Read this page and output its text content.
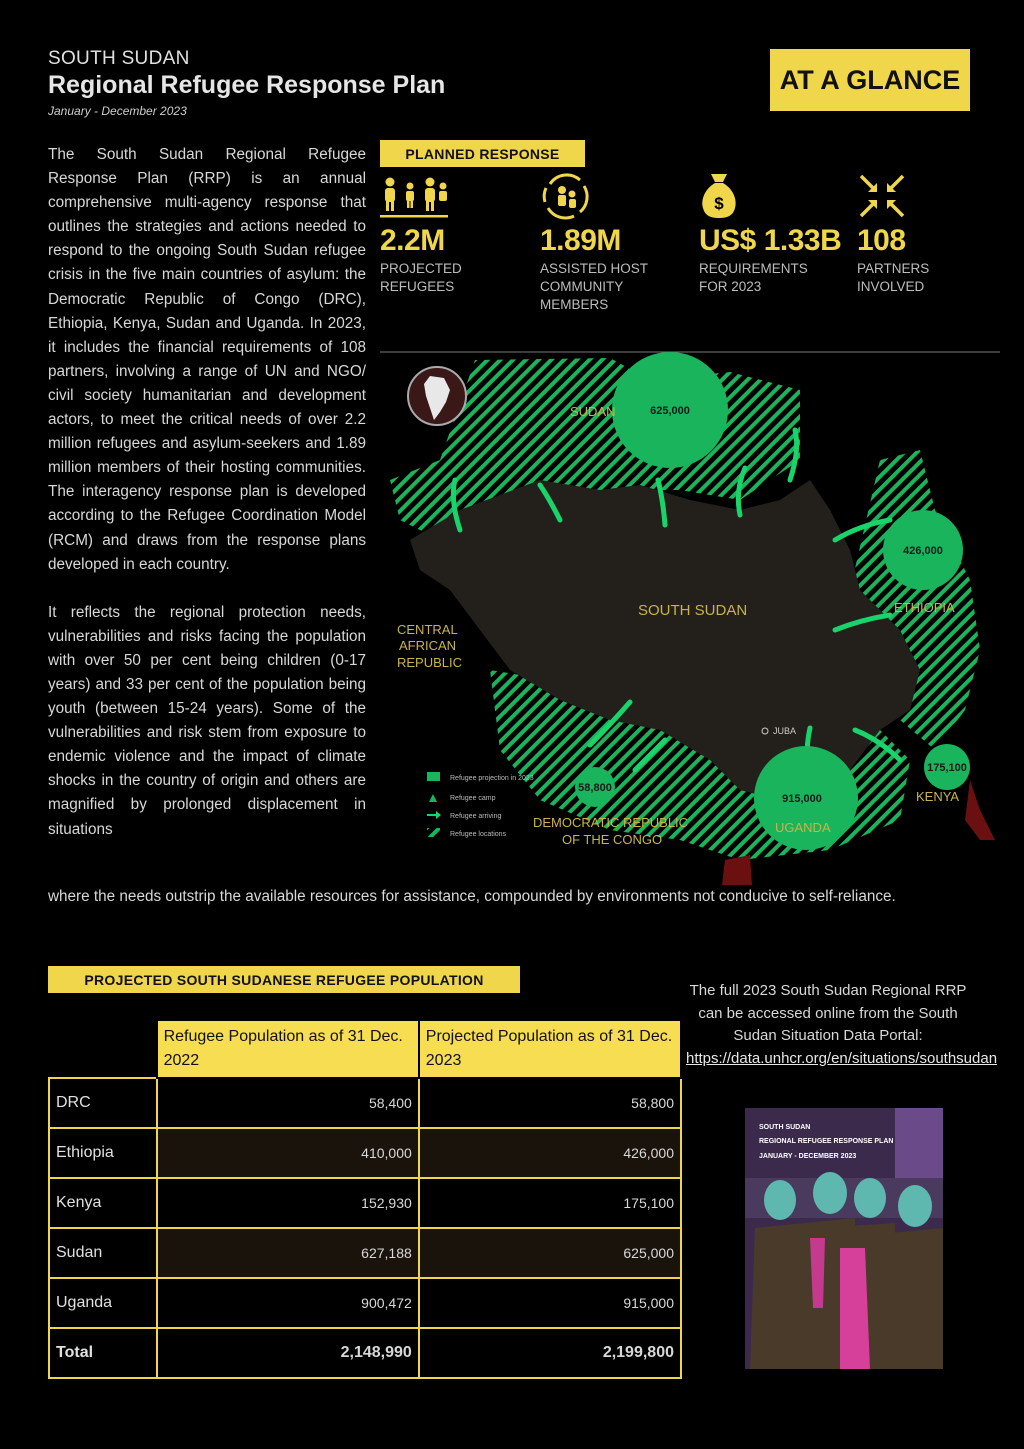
SOUTH SUDAN
Regional Refugee Response Plan
January - December 2023
AT A GLANCE

The South Sudan Regional Refugee Response Plan (RRP) is an annual comprehensive multi-agency response that outlines the strategies and actions needed to respond to the ongoing South Sudan refugee crisis in the five main countries of asylum: the Democratic Republic of Congo (DRC), Ethiopia, Kenya, Sudan and Uganda. In 2023, it includes the financial requirements of 108 partners, involving a range of UN and NGO/ civil society humanitarian and development actors, to meet the critical needs of over 2.2 million refugees and asylum-seekers and 1.89 million members of their hosting communities. The interagency response plan is developed according to the Refugee Coordination Model (RCM) and draws from the response plans developed in each country.

It reflects the regional protection needs, vulnerabilities and risks facing the population with over 50 per cent being children (0-17 years) and 33 per cent of the population being youth (between 15-24 years). Some of the vulnerabilities and risk stem from exposure to endemic violence and the impact of climate shocks in the country of origin and others are magnified by prolonged displacement in situations

where the needs outstrip the available resources for assistance, compounded by environments not conducive to self-reliance.
PLANNED RESPONSE
2.2M
PROJECTED
REFUGEES
1.89M
ASSISTED HOST
COMMUNITY
MEMBERS
$
US$ 1.33B
REQUIREMENTS
FOR 2023
108
PARTNERS
INVOLVED
625,000
426,000
175,100
915,000
58,800
SUDAN
SOUTH SUDAN	ETHIOPIA
KENYA
UGANDA
DEMOCRATIC REPUBLIC
OF THE CONGO
CENTRAL
AFRICAN
REPUBLIC
JUBA
Refugee projection in 2023
Refugee camp
Refugee arriving
Refugee locations
PROJECTED SOUTH SUDANESE REFUGEE POPULATION
	Refugee Population as of 31 Dec. 2022	Projected Population as of 31 Dec. 2023
DRC	58,400	58,800
Ethiopia	410,000	426,000
Kenya	152,930	175,100
Sudan	627,188	625,000
Uganda	900,472	915,000
Total	2,148,990	2,199,800
The full 2023 South Sudan Regional RRP can be accessed online from the South Sudan Situation Data Portal:
https://data.unhcr.org/en/situations/southsudan
SOUTH SUDAN
REGIONAL REFUGEE RESPONSE PLAN
JANUARY - DECEMBER 2023
